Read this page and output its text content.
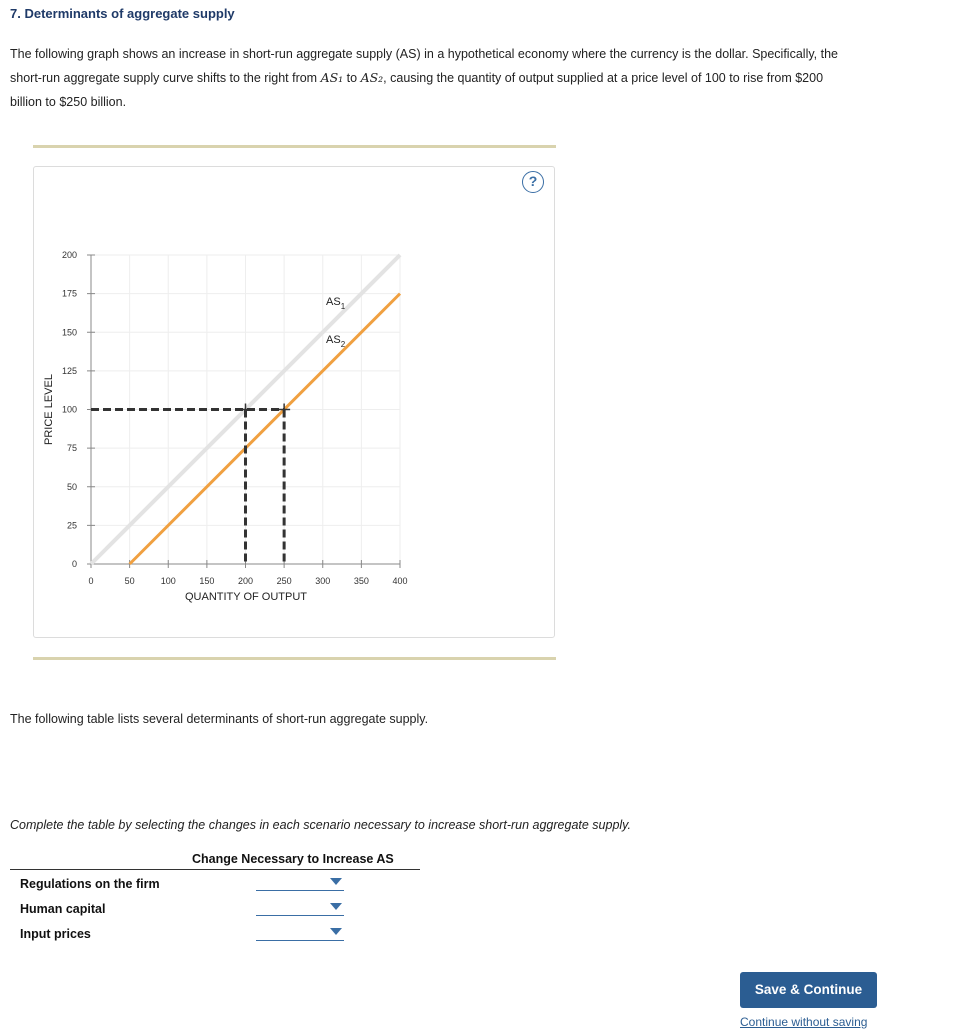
7. Determinants of aggregate supply
The following graph shows an increase in short-run aggregate supply (AS) in a hypothetical economy where the currency is the dollar. Specifically, the
short-run aggregate supply curve shifts to the right from AS₁ to AS₂, causing the quantity of output supplied at a price level of 100 to rise from $200
billion to $250 billion.
?
0	50	100	150	200	250	300	350	400
0
25
50
75
100
125
150
175
200
QUANTITY OF OUTPUT
PRICE LEVEL
$AS_1$
$AS_2$
The following table lists several determinants of short-run aggregate supply.
Complete the table by selecting the changes in each scenario necessary to increase short-run aggregate supply.
Change Necessary to Increase AS
Regulations on the firm
Human capital
Input prices
Save & Continue
Continue without saving
